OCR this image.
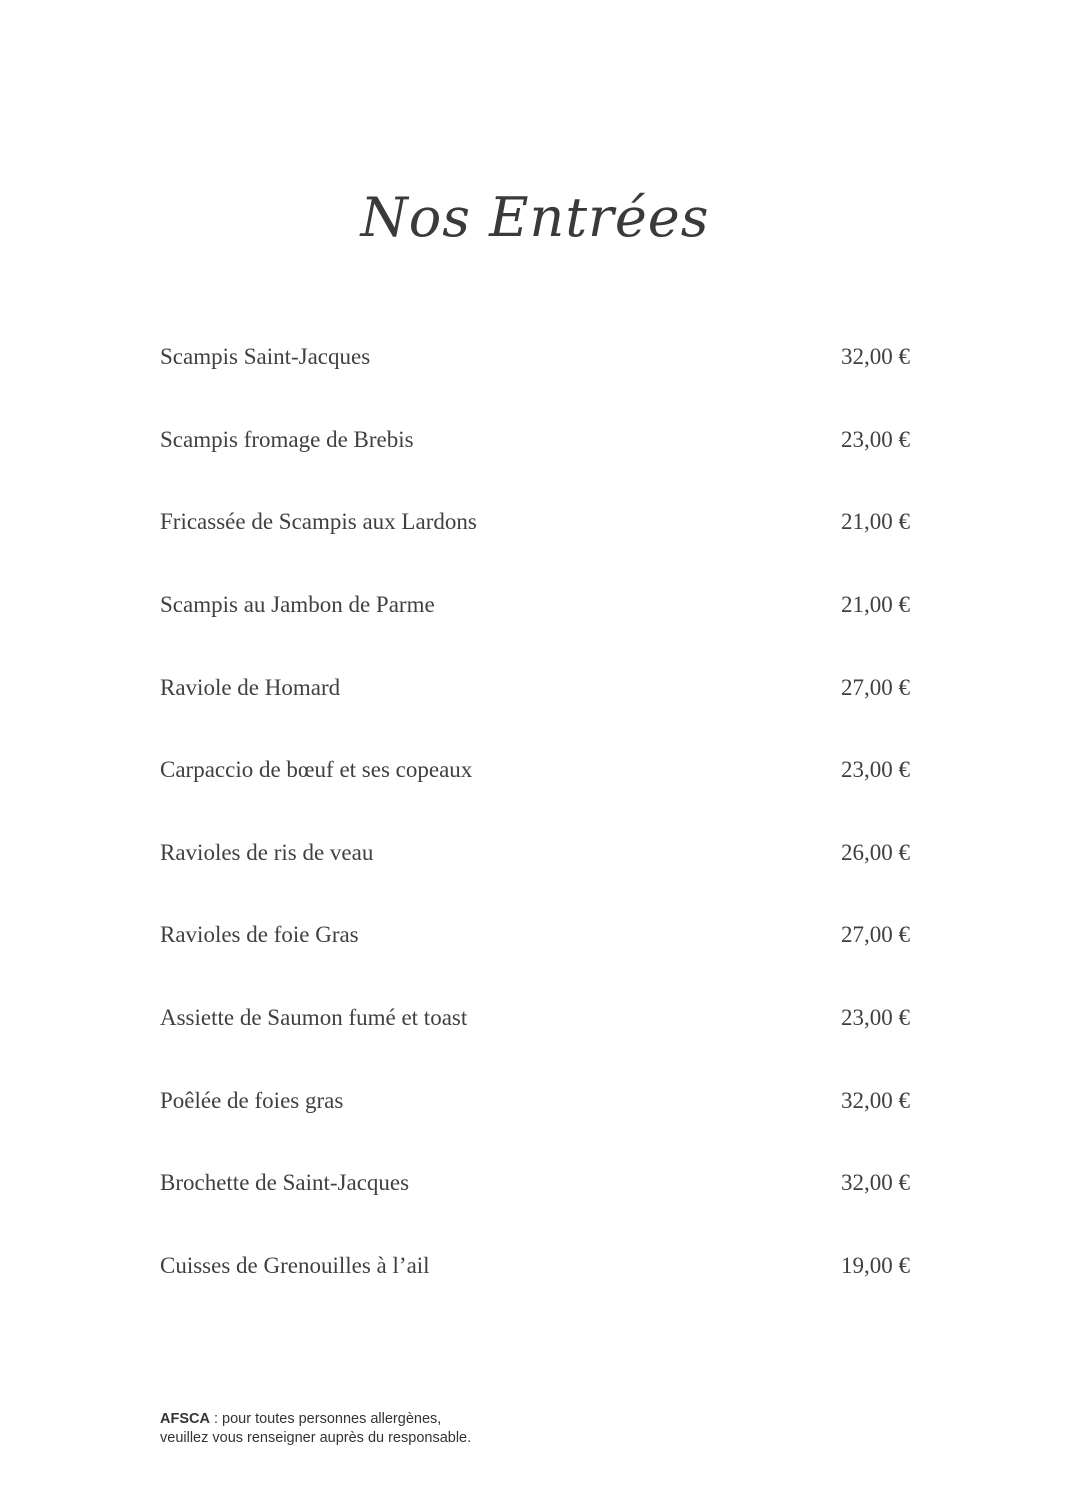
Nos Entrées
Scampis Saint-Jacques	32,00 €
Scampis fromage de Brebis	23,00 €
Fricassée de Scampis aux Lardons	21,00 €
Scampis au Jambon de Parme	21,00 €
Raviole de Homard	27,00 €
Carpaccio de bœuf et ses copeaux	23,00 €
Ravioles de ris de veau	26,00 €
Ravioles de foie Gras	27,00 €
Assiette de Saumon fumé et toast	23,00 €
Poêlée de foies gras	32,00 €
Brochette de Saint-Jacques	32,00 €
Cuisses de Grenouilles à l’ail	19,00 €
AFSCA : pour toutes personnes allergènes,
veuillez vous renseigner auprès du responsable.
